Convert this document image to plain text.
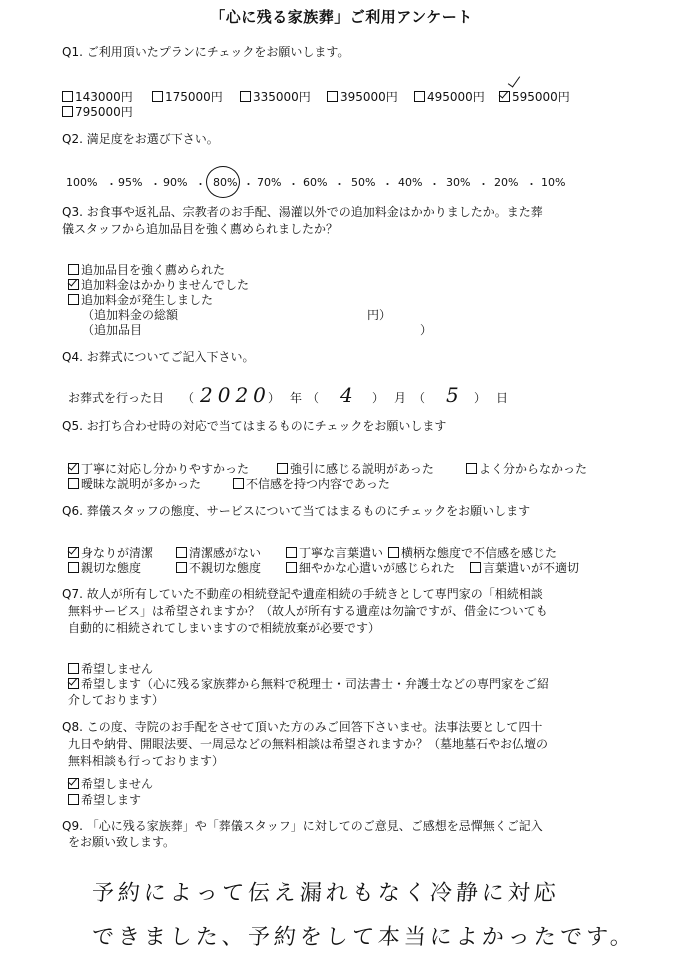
「心に残る家族葬」ご利用アンケート
Q1. ご利用頂いたプランにチェックをお願いします。
143000円	175000円	335000円	395000円	495000円	595000円
795000円
Q2. 満足度をお選び下さい。
100% ・ 95% ・ 90% ・ 80% ・ 70% ・ 60% ・ 50% ・ 40% ・ 30% ・ 20% ・ 10%
Q3. お食事や返礼品、宗教者のお手配、湯灌以外での追加料金はかかりましたか。また葬
儀スタッフから追加品目を強く薦められましたか？
追加品目を強く薦められた
追加料金はかかりませんでした
追加料金が発生しました
（追加料金の総額	円）
（追加品目	）
Q4. お葬式についてご記入下さい。
お葬式を行った日 （ 2020
） 年 （ 4 ） 月 （ 5 ） 日
Q5. お打ち合わせ時の対応で当てはまるものにチェックをお願いします
丁寧に対応し分かりやすかった	強引に感じる説明があった	よく分からなかった
曖昧な説明が多かった	不信感を持つ内容であった
Q6. 葬儀スタッフの態度、サービスについて当てはまるものにチェックをお願いします
身なりが清潔	清潔感がない	丁寧な言葉遣い	横柄な態度で不信感を感じた
親切な態度	不親切な態度	細やかな心遣いが感じられた	言葉遣いが不適切
Q7. 故人が所有していた不動産の相続登記や遺産相続の手続きとして専門家の「相続相談
無料サービス」は希望されますか？（故人が所有する遺産は勿論ですが、借金についても
自動的に相続されてしまいますので相続放棄が必要です）
希望しません
希望します（心に残る家族葬から無料で税理士・司法書士・弁護士などの専門家をご紹
介しております）
Q8. この度、寺院のお手配をさせて頂いた方のみご回答下さいませ。法事法要として四十
九日や納骨、開眼法要、一周忌などの無料相談は希望されますか？（墓地墓石やお仏壇の
無料相談も行っております）
希望しません
希望します
Q9. 「心に残る家族葬」や「葬儀スタッフ」に対してのご意見、ご感想を忌憚無くご記入
をお願い致します。
予約によって伝え漏れもなく冷静に対応
できました、予約をして本当によかったです。
